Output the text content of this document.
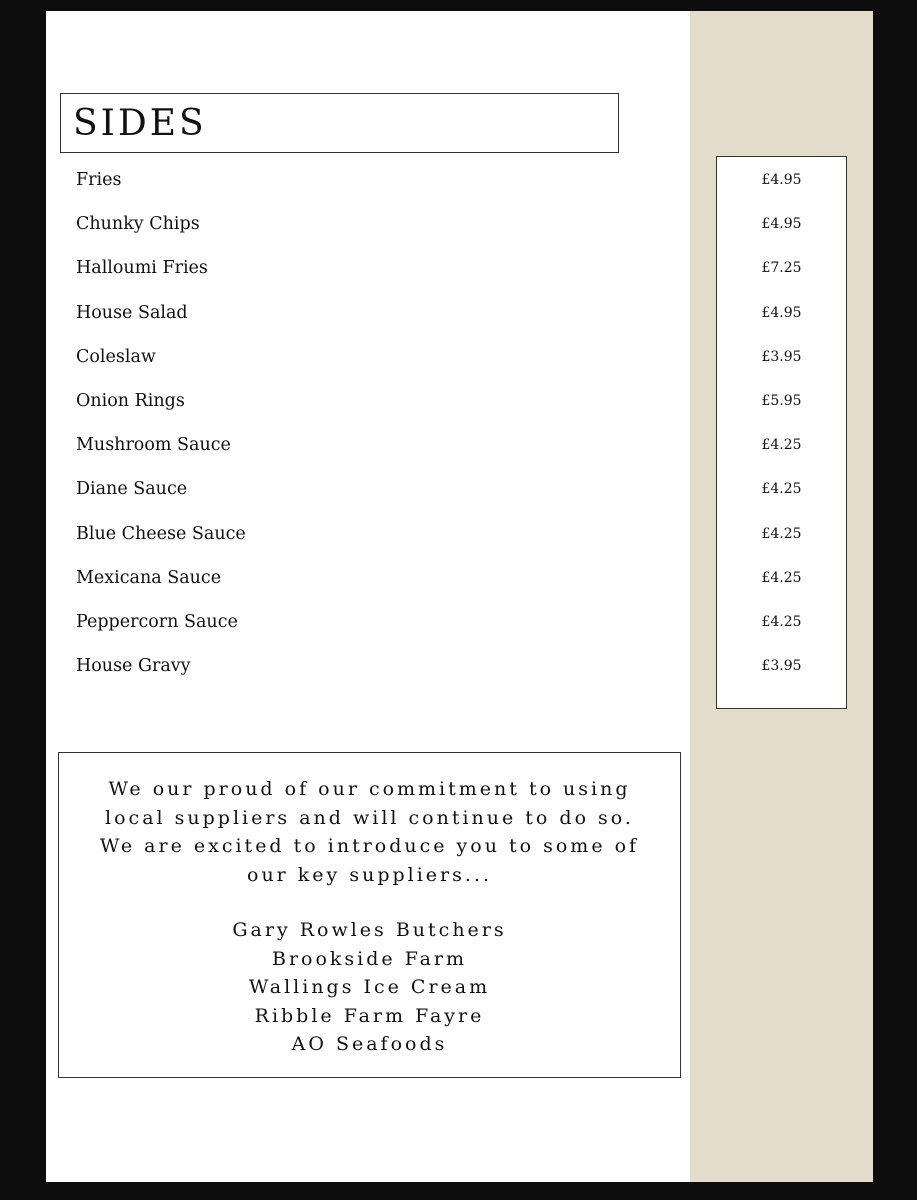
SIDES
Fries
Chunky Chips
Halloumi Fries
House Salad
Coleslaw
Onion Rings
Mushroom Sauce
Diane Sauce
Blue Cheese Sauce
Mexicana Sauce
Peppercorn Sauce
House Gravy
£4.95
£4.95
£7.25
£4.95
£3.95
£5.95
£4.25
£4.25
£4.25
£4.25
£4.25
£3.95
We our proud of our commitment to using
local suppliers and will continue to do so.
We are excited to introduce you to some of
our key suppliers...
Gary Rowles Butchers
Brookside Farm
Wallings Ice Cream
Ribble Farm Fayre
AO Seafoods
